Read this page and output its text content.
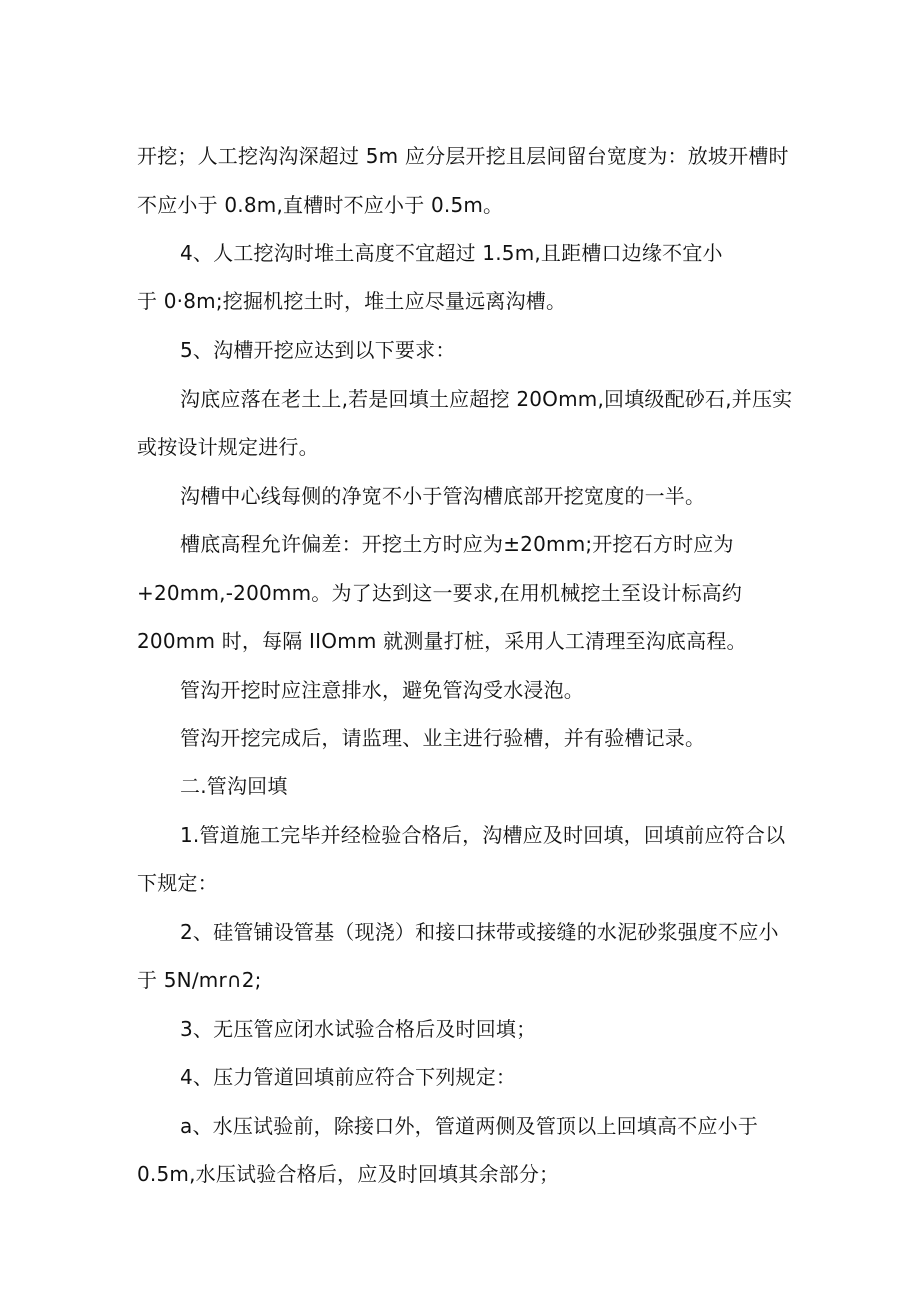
开挖；人工挖沟沟深超过 5m 应分层开挖且层间留台宽度为：放坡开槽时
不应小于 0.8m,直槽时不应小于 0.5m。
4、人工挖沟时堆土高度不宜超过 1.5m,且距槽口边缘不宜小
于 0·8m;挖掘机挖土时，堆土应尽量远离沟槽。
5、沟槽开挖应达到以下要求：
沟底应落在老土上,若是回填土应超挖 20Omm,回填级配砂石,并压实
或按设计规定进行。
沟槽中心线每侧的净宽不小于管沟槽底部开挖宽度的一半。
槽底高程允许偏差：开挖土方时应为±20mm;开挖石方时应为
+20mm,-200mm。为了达到这一要求,在用机械挖土至设计标高约
200mm 时，每隔 IIOmm 就测量打桩，采用人工清理至沟底高程。
管沟开挖时应注意排水，避免管沟受水浸泡。
管沟开挖完成后，请监理、业主进行验槽，并有验槽记录。
二.管沟回填
1.管道施工完毕并经检验合格后，沟槽应及时回填，回填前应符合以
下规定：
2、硅管铺设管基（现浇）和接口抹带或接缝的水泥砂浆强度不应小
于 5N∕mr∩2;
3、无压管应闭水试验合格后及时回填；
4、压力管道回填前应符合下列规定：
a、水压试验前，除接口外，管道两侧及管顶以上回填高不应小于
0.5m,水压试验合格后，应及时回填其余部分；
